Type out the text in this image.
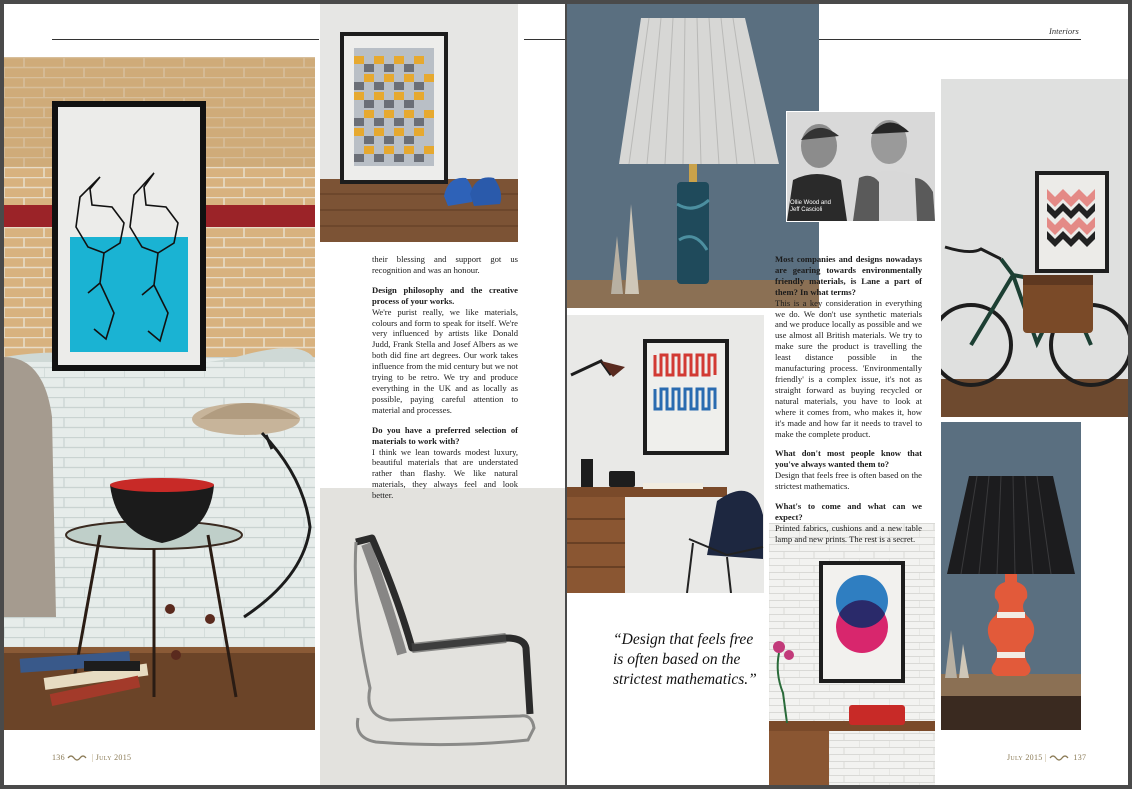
their blessing and support got us recognition and was an honour.

Design philosophy and the creative process of your works.
We're purist really, we like materials, colours and form to speak for itself. We're very influenced by artists like Donald Judd, Frank Stella and Josef Albers as we both did fine art degrees. Our work takes influence from the mid century but we not trying to be retro. We try and produce everything in the UK and as locally as possible, paying careful attention to material and processes.

Do you have a preferred selection of materials to work with?
I think we lean towards modest luxury, beautiful materials that are understated rather than flashy. We like natural materials, they always feel and look better.

136	| July 2015
Interiors
Ollie Wood and
Jeff Cascioli

Most companies and designs nowadays are gearing towards environmentally friendly materials, is Lane a part of them? In what terms?
This is a key consideration in everything we do. We don't use synthetic materials and we produce locally as possible and we use almost all British materials. We try to make sure the product is travelling the least distance possible in the manufacturing process. 'Environmentally friendly' is a complex issue, it's not as straight forward as buying recycled or natural materials, you have to look at where it comes from, who makes it, how it's made and how far it needs to travel to make the complete product.

What don't most people know that you've always wanted them to?
Design that feels free is often based on the strictest mathematics.

What's to come and what can we expect?
Printed fabrics, cushions and a new table lamp and new prints. The rest is a secret.

“Design that feels free is often based on the strictest mathematics.”
July 2015 |	137
